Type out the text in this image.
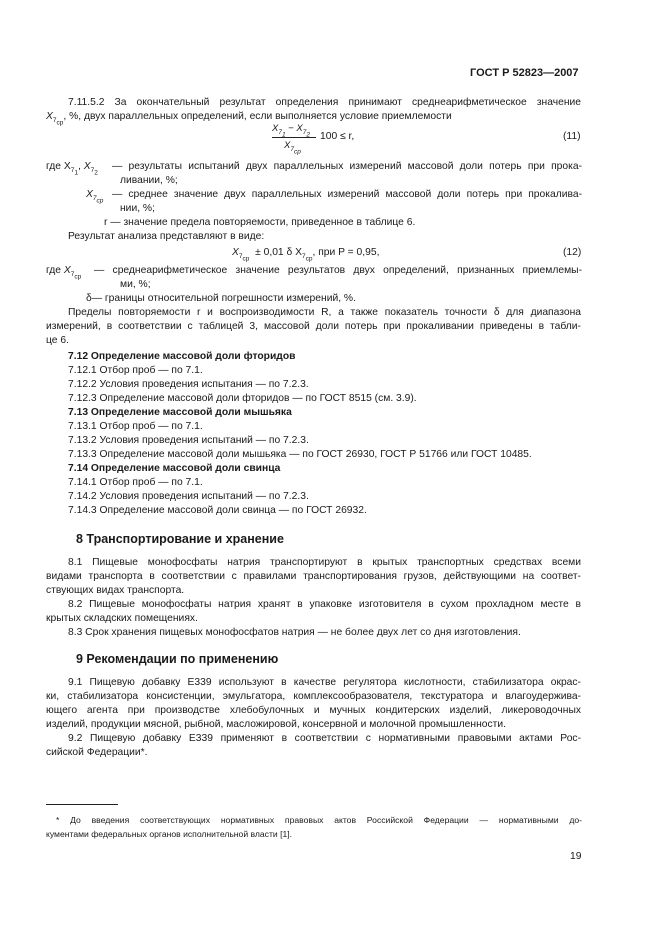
ГОСТ Р 52823—2007
7.11.5.2 За окончательный результат определения принимают среднеарифметическое значение
$X_{7_{ср}}$, %, двух параллельных определений, если выполняется условие приемлемости
$X_{7_1} - X_{7_2}$
$X_{7_{ср}}$
100 ≤ r,	(11)
где $X_{7_1}$, $X_{7_2}$
— результаты испытаний двух параллельных измерений массовой доли потерь при прока-
ливании, %;
$X_{7_{ср}}$
— среднее значение двух параллельных измерений массовой доли потерь при прокалива-
нии, %;
r — значение предела повторяемости, приведенное в таблице 6.
Результат анализа представляют в виде:
$X_{7_{ср}} \pm 0,01$ δ $X_{7_{ср}}$, при P = 0,95,	(12)
где $X_{7_{ср}}$
— среднеарифметическое значение результатов двух определений, признанных приемлемы-
ми, %;
δ— границы относительной погрешности измерений, %.
Пределы повторяемости r и воспроизводимости R, а также показатель точности δ для диапазона
измерений, в соответствии с таблицей 3, массовой доли потерь при прокаливании приведены в табли-
це 6.
7.12 Определение массовой доли фторидов
7.12.1 Отбор проб — по 7.1.
7.12.2 Условия проведения испытания — по 7.2.3.
7.12.3 Определение массовой доли фторидов — по ГОСТ 8515 (см. 3.9).
7.13 Определение массовой доли мышьяка
7.13.1 Отбор проб — по 7.1.
7.13.2 Условия проведения испытаний — по 7.2.3.
7.13.3 Определение массовой доли мышьяка — по ГОСТ 26930, ГОСТ Р 51766 или ГОСТ 10485.
7.14 Определение массовой доли свинца
7.14.1 Отбор проб — по 7.1.
7.14.2 Условия проведения испытаний — по 7.2.3.
7.14.3 Определение массовой доли свинца — по ГОСТ 26932.
8 Транспортирование и хранение
8.1 Пищевые монофосфаты натрия транспортируют в крытых транспортных средствах всеми
видами транспорта в соответствии с правилами транспортирования грузов, действующими на соответ-
ствующих видах транспорта.
8.2 Пищевые монофосфаты натрия хранят в упаковке изготовителя в сухом прохладном месте в
крытых складских помещениях.
8.3 Срок хранения пищевых монофосфатов натрия — не более двух лет со дня изготовления.
9 Рекомендации по применению
9.1 Пищевую добавку E339 используют в качестве регулятора кислотности, стабилизатора окрас-
ки, стабилизатора консистенции, эмульгатора, комплексообразователя, текстуратора и влагоудержива-
ющего агента при производстве хлебобулочных и мучных кондитерских изделий, ликероводочных
изделий, продукции мясной, рыбной, масложировой, консервной и молочной промышленности.
9.2 Пищевую добавку E339 применяют в соответствии с нормативными правовыми актами Рос-
сийской Федерации*.
* До введения соответствующих нормативных правовых актов Российской Федерации — нормативными до-
кументами федеральных органов исполнительной власти [1].
19
